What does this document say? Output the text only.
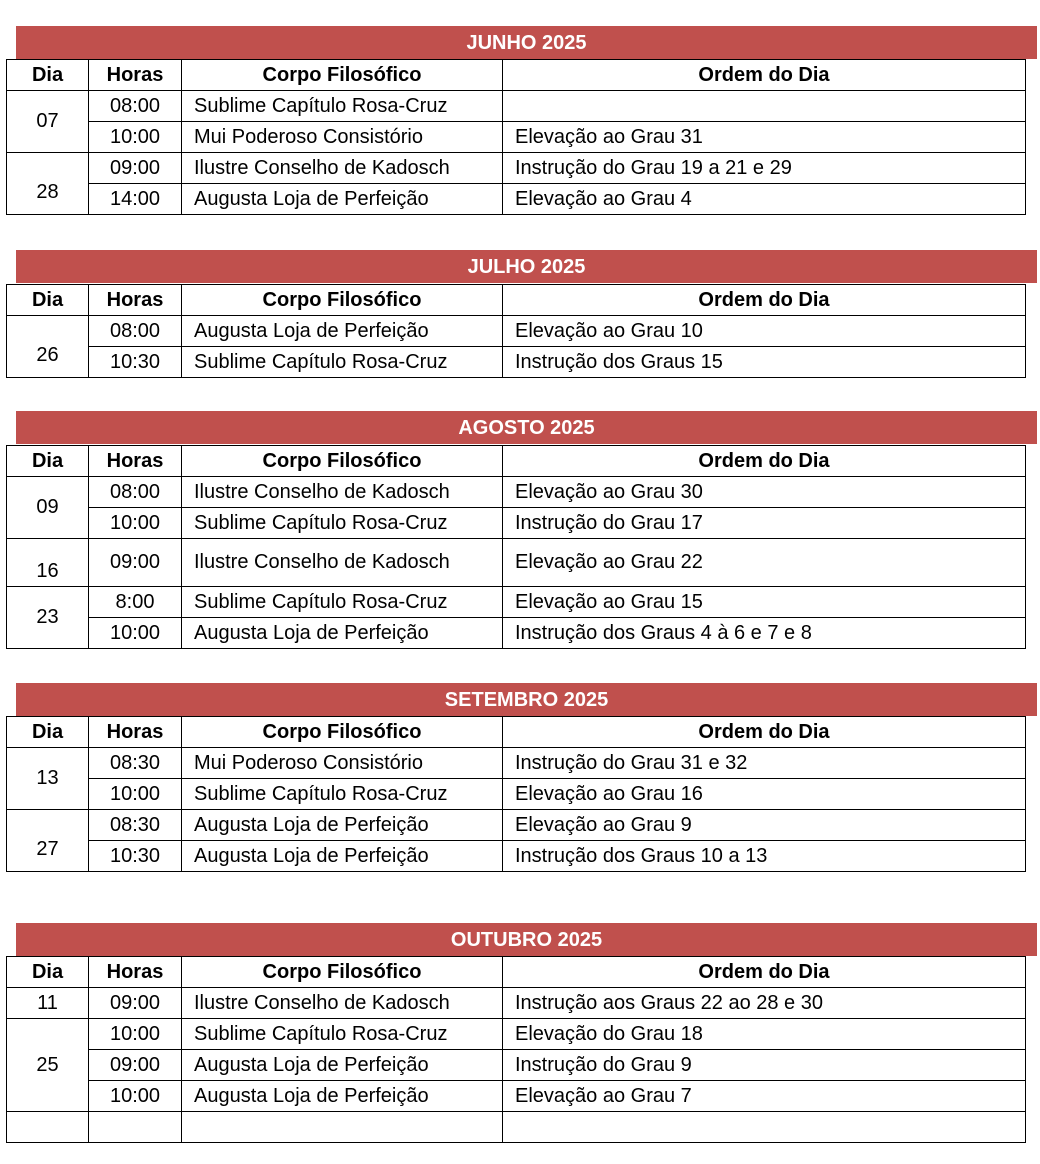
JUNHO 2025
Dia	Horas	Corpo Filosófico	Ordem do Dia
07	08:00	Sublime Capítulo Rosa-Cruz	
	10:00	Mui Poderoso Consistório	Elevação ao Grau 31
28	09:00	Ilustre Conselho de Kadosch	Instrução do Grau 19 a 21 e 29
	14:00	Augusta Loja de Perfeição	Elevação ao Grau 4
JULHO 2025
Dia	Horas	Corpo Filosófico	Ordem do Dia
26	08:00	Augusta Loja de Perfeição	Elevação ao Grau 10
	10:30	Sublime Capítulo Rosa-Cruz	Instrução dos Graus 15
AGOSTO 2025
Dia	Horas	Corpo Filosófico	Ordem do Dia
09	08:00	Ilustre Conselho de Kadosch	Elevação ao Grau 30
	10:00	Sublime Capítulo Rosa-Cruz	Instrução do Grau 17
16	09:00	Ilustre Conselho de Kadosch	Elevação ao Grau 22
23	8:00	Sublime Capítulo Rosa-Cruz	Elevação ao Grau 15
	10:00	Augusta Loja de Perfeição	Instrução dos Graus 4 à 6 e 7 e 8
SETEMBRO 2025
Dia	Horas	Corpo Filosófico	Ordem do Dia
13	08:30	Mui Poderoso Consistório	Instrução do Grau 31 e 32
	10:00	Sublime Capítulo Rosa-Cruz	Elevação ao Grau 16
27	08:30	Augusta Loja de Perfeição	Elevação ao Grau 9
	10:30	Augusta Loja de Perfeição	Instrução dos Graus 10 a 13
OUTUBRO 2025
Dia	Horas	Corpo Filosófico	Ordem do Dia
11	09:00	Ilustre Conselho de Kadosch	Instrução aos Graus 22 ao 28 e 30
25	10:00	Sublime Capítulo Rosa-Cruz	Elevação do Grau 18
	09:00	Augusta Loja de Perfeição	Instrução do Grau 9
	10:00	Augusta Loja de Perfeição	Elevação ao Grau 7
